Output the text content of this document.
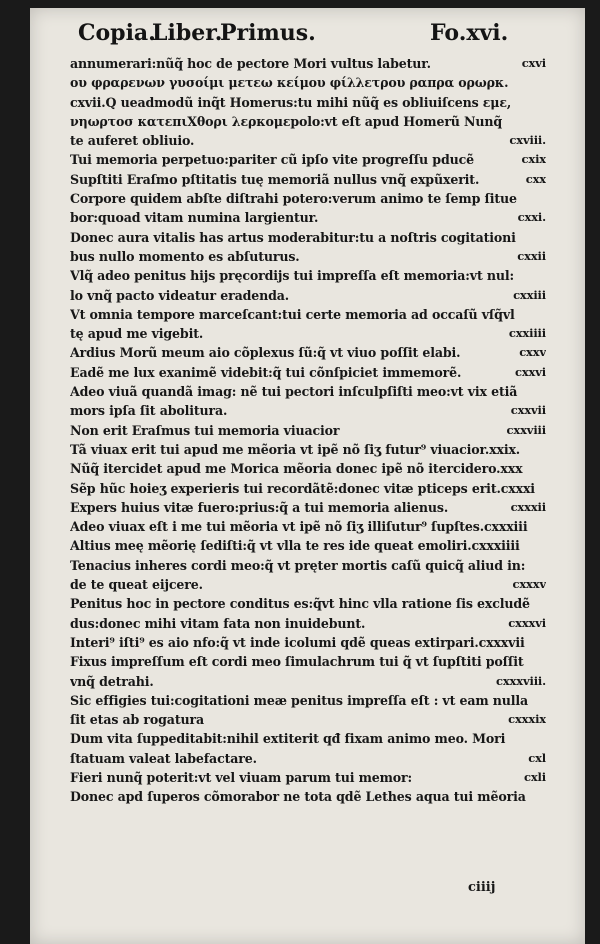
Copia.
Liber.
Primus.	Fo.xvi.
annumerari:nũq̃ hoc de pectore Mori vultus labetur.	cxvi
ου φραρενων γυσοίμι μετεω κείμου φίλλετρου ραπρα ορωρκ.
cxvii.Q ueadmodũ inq̃t Homerus:tu mihi nũq̃ es obliuiſcens εμε,
νηωρτοσ κατεπιΧθορι λερκομεpolo:vt eſt apud Homerũ Nunq̃
te auferet obliuio.	cxviii.
Tui memoria perpetuo:pariter cũ ipſo vite progreſſu pducẽ	cxix
Supſtiti Eraſmo pſtitatis tuę memoriã nullus vnq̃ expũxerit.	cxx
Corpore quidem abſte diſtrahi potero:verum animo te ſemp ſitue
bor:quoad vitam numina largientur.	cxxi.
Donec aura vitalis has artus moderabitur:tu a noſtris cogitationi
bus nullo momento es abſuturus.	cxxii
Vlq̃ adeo penitus hijs pręcordijs tui impreſſa eſt memoria:vt nul:
lo vnq̃ pacto videatur eradenda.	cxxiii
Vt omnia tempore marceſcant:tui certe memoria ad occaſũ vſq̃vl
tę apud me vigebit.	cxxiiii
Ardius Morũ meum aio cõplexus ſũ:q̃ vt viuo poſſit elabi.	cxxv
Eadẽ me lux exanimẽ videbit:q̃ tui cõnſpiciet immemorẽ.	cxxvi
Adeo viuã quandã imag: nẽ tui pectori inſculpſiſti meo:vt vix etiã
mors ipſa ſit abolitura.	cxxvii
Non erit Eraſmus tui memoria viuacior	cxxviii
Tã viuax erit tui apud me mẽoria vt ipẽ nõ ſiʒ futur⁹ viuacior.xxix.
Nũq̃ itercidet apud me Morica mẽoria donec ipẽ nõ itercidero.xxx
Sẽp hũc hoieʒ experieris tui recordãtẽ:donec vitæ pticeps erit.cxxxi
Expers huius vitæ fuero:prius:q̃ a tui memoria alienus.	cxxxii
Adeo viuax eſt i me tui mẽoria vt ipẽ nõ ſiʒ illiſutur⁹ ſupſtes.cxxxiii
Altius meę mẽorię ſediſti:q̃ vt vlla te res ide queat emoliri.cxxxiiii
Tenacius inheres cordi meo:q̃ vt pręter mortis caſũ quicq̃ aliud in:
de te queat eijcere.	cxxxv
Penitus hoc in pectore conditus es:q̃vt hinc vlla ratione ſis excludẽ
dus:donec mihi vitam fata non inuidebunt.	cxxxvi
Interi⁹ iſti⁹ es aio nfo:q̃ vt inde icolumi qdẽ queas extirpari.cxxxvii
Fixus impreſſum eſt cordi meo ſimulachrum tui q̃ vt ſupſtiti poſſit
vnq̃ detrahi.	cxxxviii.
Sic effigies tui:cogitationi meæ penitus impreſſa eſt : vt eam nulla
ſit etas ab rogatura	cxxxix
Dum vita ſuppeditabit:nihil extiterit qđ fixam animo meo. Mori
ſtatuam valeat labefactare.	cxl
Fieri nunq̃ poterit:vt vel viuam parum tui memor:	cxli
Donec apd ſuperos cõmorabor ne tota qdẽ Lethes aqua tui mẽoria
ciiij
